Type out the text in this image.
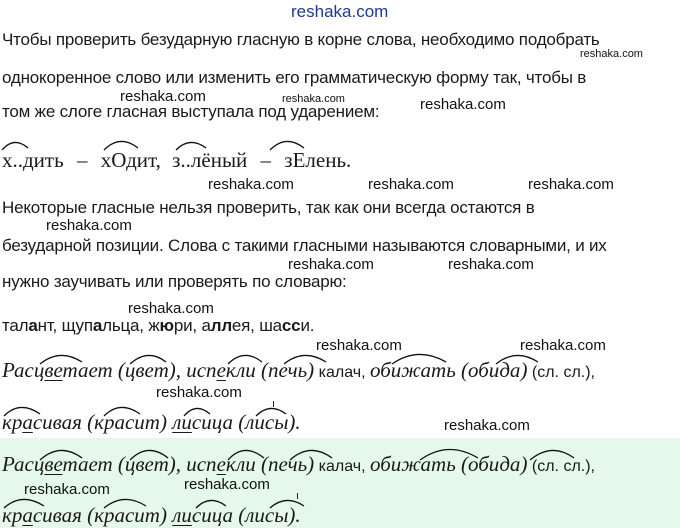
reshaka.com
Чтобы проверить безударную гласную в корне слова, необходимо подобрать
однокоренное слово или изменить его грамматическую форму так, чтобы в
том же слоге гласная выступала под ударением:
reshaka.com
reshaka.com	reshaka.com	reshaka.com
х..дить – хОдит, з..лёный – зЕлень.
reshaka.com	reshaka.com	reshaka.com
Некоторые гласные нельзя проверить, так как они всегда остаются в
reshaka.com
безударной позиции. Слова с такими гласными называются словарными, и их
reshaka.com	reshaka.com
нужно заучивать или проверять по словарю:
reshaka.com
талант, щупальца, жюри, аллея, шасси.
reshaka.com	reshaka.com
Расцветает (цвет), испекли (печь) калач, обижать (обида) (сл. сл.),
reshaka.com
ı
красивая (красит) лисица (лисы).	reshaka.com
Расцветает (цвет), испекли (печь) калач, обижать (обида) (сл. сл.),
reshaka.com	reshaka.com
ı
красивая (красит) лисица (лисы).
